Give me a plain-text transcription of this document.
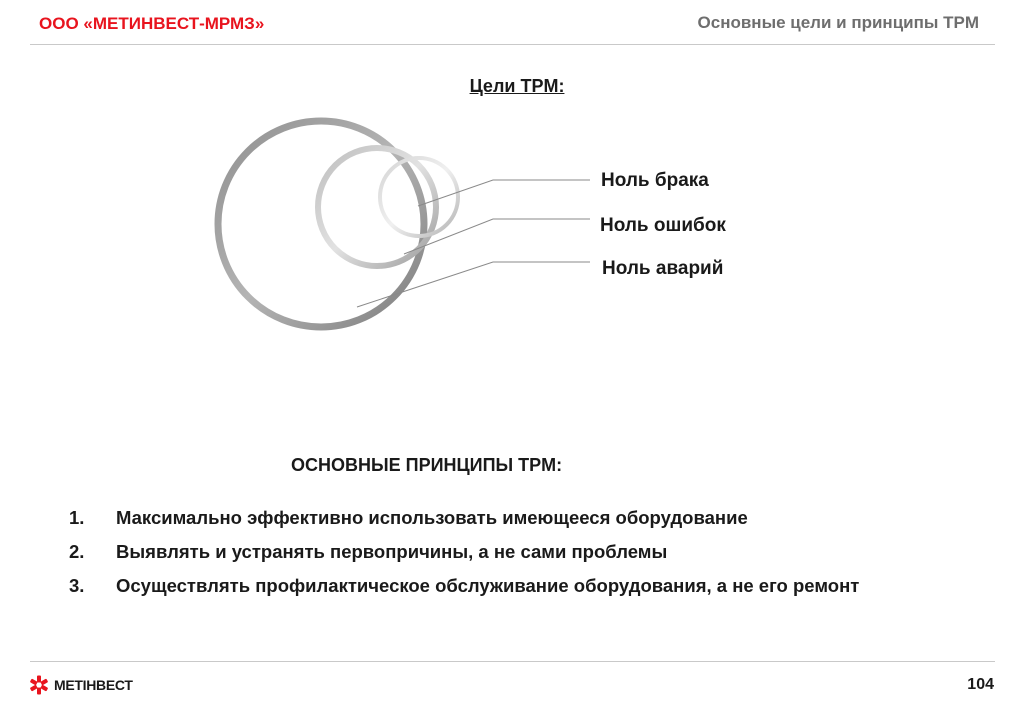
ООО «МЕТИНВЕСТ-МРМЗ»	Основные цели и принципы TPM
Цели TPM:
Ноль брака
Ноль ошибок
Ноль аварий
ОСНОВНЫЕ ПРИНЦИПЫ TPM:
1. Максимально эффективно использовать имеющееся оборудование
2. Выявлять и устранять первопричины, а не сами проблемы
3. Осуществлять профилактическое обслуживание оборудования, а не его ремонт
МЕТІНВЕСТ	104
